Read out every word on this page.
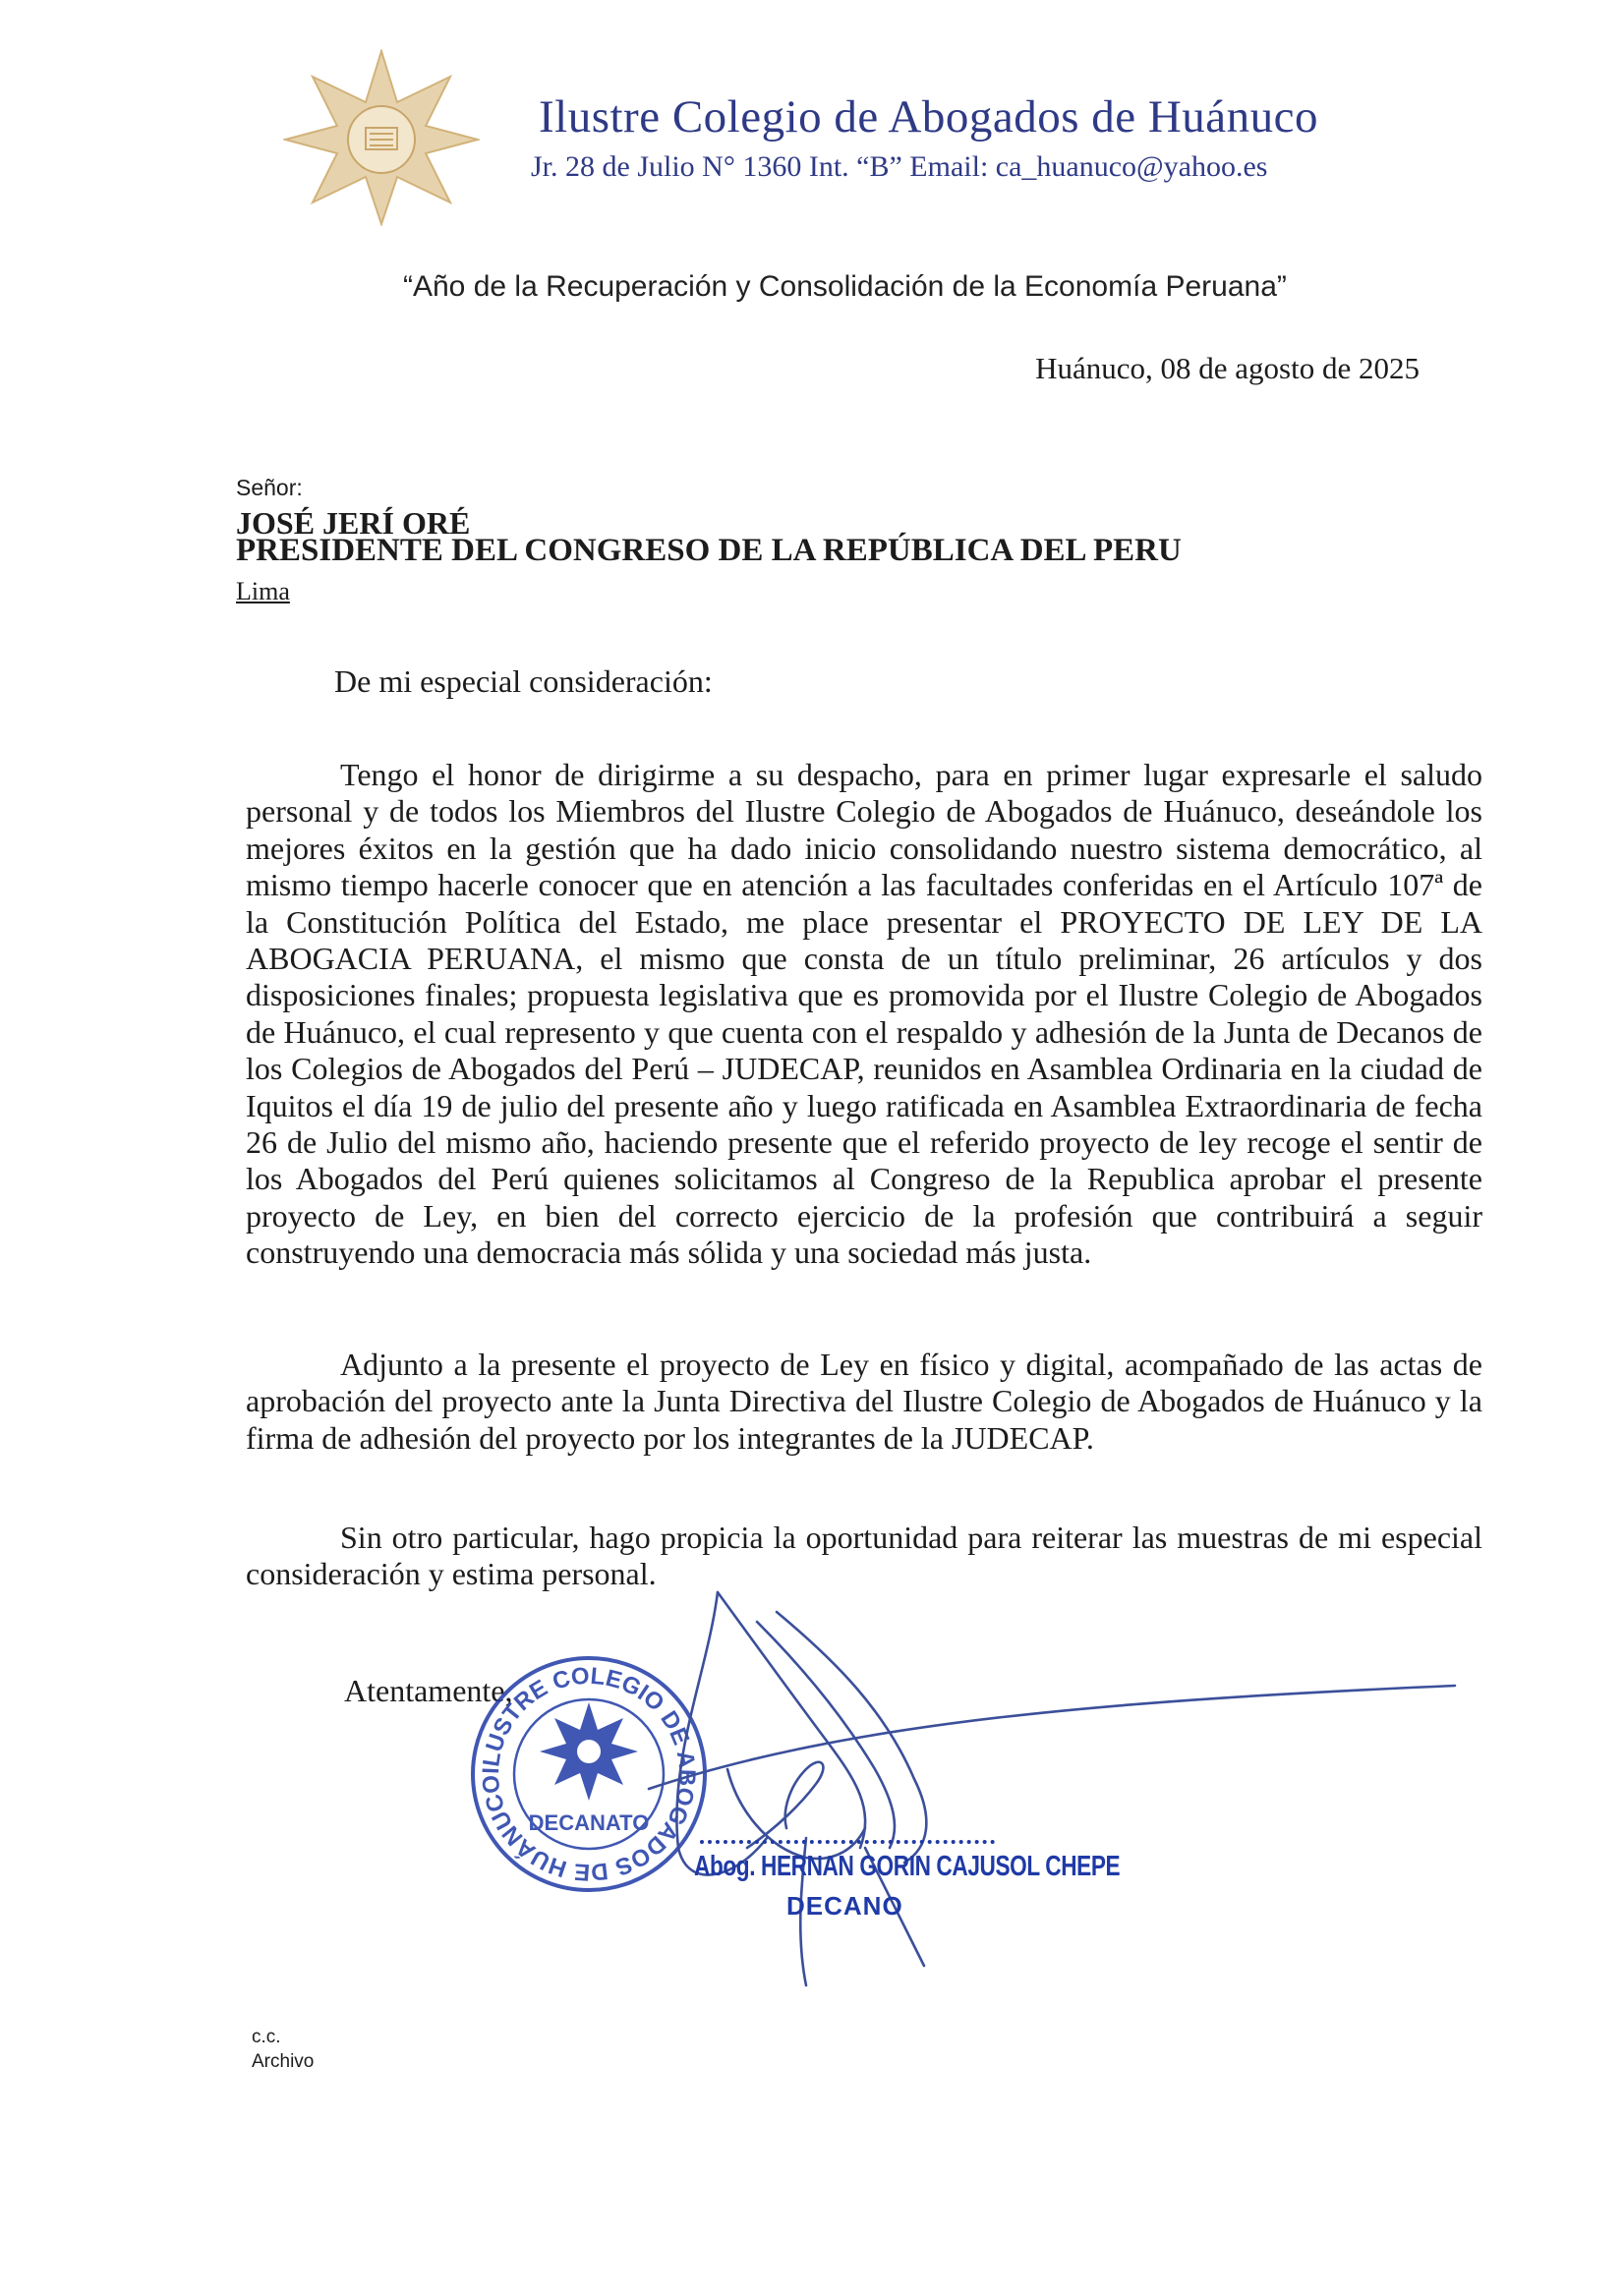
Ilustre Colegio de Abogados de Huánuco
Jr. 28 de Julio N° 1360 Int. “B” Email: ca_huanuco@yahoo.es
“Año de la Recuperación y Consolidación de la Economía Peruana”
Huánuco, 08 de agosto de 2025
Señor:
JOSÉ JERÍ ORÉ
PRESIDENTE DEL CONGRESO DE LA REPÚBLICA DEL PERU
Lima
De mi especial consideración:

Tengo el honor de dirigirme a su despacho, para en primer lugar expresarle el saludo personal y de todos los Miembros del Ilustre Colegio de Abogados de Huánuco, deseándole los mejores éxitos en la gestión que ha dado inicio consolidando nuestro sistema democrático, al mismo tiempo hacerle conocer que en atención a las facultades conferidas en el Artículo 107ª de la Constitución Política del Estado, me place presentar el PROYECTO DE LEY DE LA ABOGACIA PERUANA, el mismo que consta de un título preliminar, 26 artículos y dos disposiciones finales; propuesta legislativa que es promovida por el Ilustre Colegio de Abogados de Huánuco, el cual represento y que cuenta con el respaldo y adhesión de la Junta de Decanos de los Colegios de Abogados del Perú – JUDECAP, reunidos en Asamblea Ordinaria en la ciudad de Iquitos el día 19 de julio del presente año y luego ratificada en Asamblea Extraordinaria de fecha 26 de Julio del mismo año, haciendo presente que el referido proyecto de ley recoge el sentir de los Abogados del Perú quienes solicitamos al Congreso de la Republica aprobar el presente proyecto de Ley, en bien del correcto ejercicio de la profesión que contribuirá a seguir construyendo una democracia más sólida y una sociedad más justa.

Adjunto a la presente el proyecto de Ley en físico y digital, acompañado de las actas de aprobación del proyecto ante la Junta Directiva del Ilustre Colegio de Abogados de Huánuco y la firma de adhesión del proyecto por los integrantes de la JUDECAP.

Sin otro particular, hago propicia la oportunidad para reiterar las muestras de mi especial consideración y estima personal.

Atentamente,
ILUSTRE COLEGIO DE ABOGADOS DE HUÁNUCO
DECANATO
Abog. HERNAN GORIN CAJUSOL CHEPE
DECANO
c.c.
Archivo
